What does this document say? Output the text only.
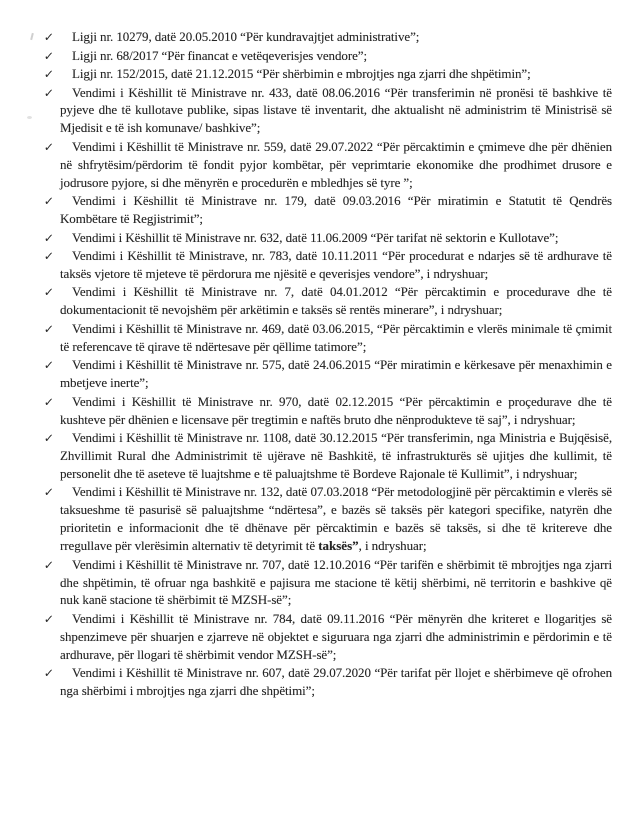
✓	Ligji nr. 10279, datë 20.05.2010 “Për kundravajtjet administrative”;
✓	Ligji nr. 68/2017 “Për financat e vetëqeverisjes vendore”;
✓	Ligji nr. 152/2015, datë 21.12.2015 “Për shërbimin e mbrojtjes nga zjarri dhe shpëtimin”;
✓	Vendimi i Këshillit të Ministrave nr. 433, datë 08.06.2016 “Për transferimin në pronësi të bashkive të pyjeve dhe të kullotave publike, sipas listave të inventarit, dhe aktualisht në administrim të Ministrisë së Mjedisit e të ish komunave/ bashkive”;
✓	Vendimi i Këshillit të Ministrave nr. 559, datë 29.07.2022 “Për përcaktimin e çmimeve dhe për dhënien në shfrytësim/përdorim të fondit pyjor kombëtar, për veprimtarie ekonomike dhe prodhimet drusore e jodrusore pyjore, si dhe mënyrën e procedurën e mbledhjes së tyre ”;
✓	Vendimi i Këshillit të Ministrave nr. 179, datë 09.03.2016 “Për miratimin e Statutit të Qendrës Kombëtare të Regjistrimit”;
✓	Vendimi i Këshillit të Ministrave nr. 632, datë 11.06.2009 “Për tarifat në sektorin e Kullotave”;
✓	Vendimi i Këshillit të Ministrave, nr. 783, datë 10.11.2011 “Për procedurat e ndarjes së të ardhurave të taksës vjetore të mjeteve të përdorura me njësitë e qeverisjes vendore”, i ndryshuar;
✓	Vendimi i Këshillit të Ministrave nr. 7, datë 04.01.2012 “Për përcaktimin e procedurave dhe të dokumentacionit të nevojshëm për arkëtimin e taksës së rentës minerare”, i ndryshuar;
✓	Vendimi i Këshillit të Ministrave nr. 469, datë 03.06.2015, “Për përcaktimin e vlerës minimale të çmimit të referencave të qirave të ndërtesave për qëllime tatimore”;
✓	Vendimi i Këshillit të Ministrave nr. 575, datë 24.06.2015 “Për miratimin e kërkesave për menaxhimin e mbetjeve inerte”;
✓	Vendimi i Këshillit të Ministrave nr. 970, datë 02.12.2015 “Për përcaktimin e proçedurave dhe të kushteve për dhënien e licensave për tregtimin e naftës bruto dhe nënprodukteve të saj”, i ndryshuar;
✓	Vendimi i Këshillit të Ministrave nr. 1108, datë 30.12.2015 “Për transferimin, nga Ministria e Bujqësisë, Zhvillimit Rural dhe Administrimit të ujërave në Bashkitë, të infrastrukturës së ujitjes dhe kullimit, të personelit dhe të aseteve të luajtshme e të paluajtshme të Bordeve Rajonale të Kullimit”, i ndryshuar;
✓	Vendimi i Këshillit të Ministrave nr. 132, datë 07.03.2018 “Për metodologjinë për përcaktimin e vlerës së taksueshme të pasurisë së paluajtshme “ndërtesa”, e bazës së taksës për kategori specifike, natyrën dhe prioritetin e informacionit dhe të dhënave për përcaktimin e bazës së taksës, si dhe të kritereve dhe rregullave për vlerësimin alternativ të detyrimit të taksës”, i ndryshuar;
✓	Vendimi i Këshillit të Ministrave nr. 707, datë 12.10.2016 “Për tarifën e shërbimit të mbrojtjes nga zjarri dhe shpëtimin, të ofruar nga bashkitë e pajisura me stacione të këtij shërbimi, në territorin e bashkive që nuk kanë stacione të shërbimit të MZSH-së”;
✓	Vendimi i Këshillit të Ministrave nr. 784, datë 09.11.2016 “Për mënyrën dhe kriteret e llogaritjes së shpenzimeve për shuarjen e zjarreve në objektet e siguruara nga zjarri dhe administrimin e përdorimin e të ardhurave, për llogari të shërbimit vendor MZSH-së”;
✓	Vendimi i Këshillit të Ministrave nr. 607, datë 29.07.2020 “Për tarifat për llojet e shërbimeve që ofrohen nga shërbimi i mbrojtjes nga zjarri dhe shpëtimi”;
